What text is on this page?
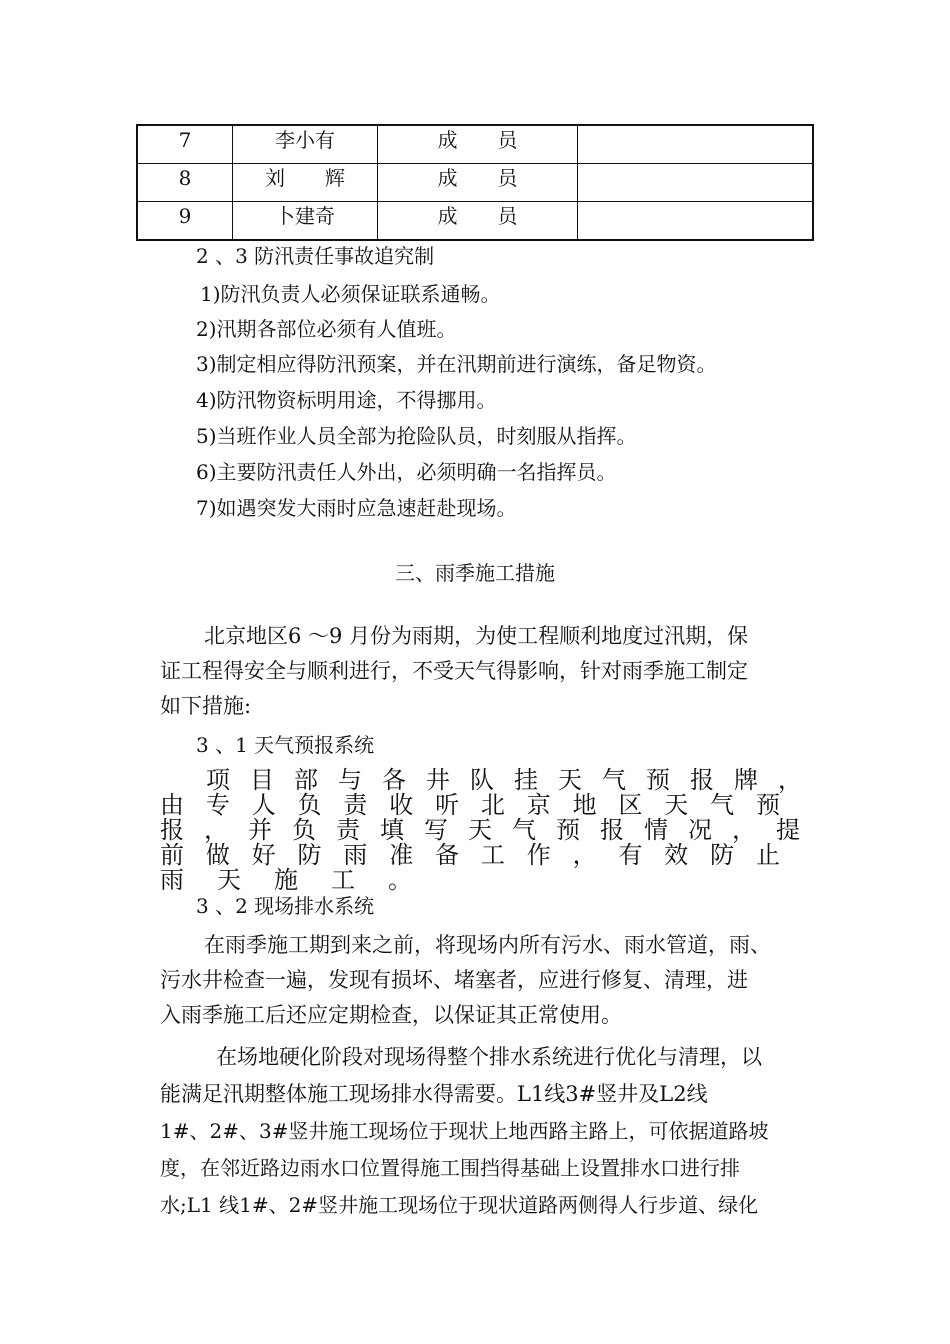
7	李小有	成　　员	
8	刘　　辉	成　　员	
9	卜建奇	成　　员	
2 、3 防汛责任事故追究制
1)防汛负责人必须保证联系通畅。
2)汛期各部位必须有人值班。
3)制定相应得防汛预案，并在汛期前进行演练，备足物资。
4)防汛物资标明用途，不得挪用。
5)当班作业人员全部为抢险队员，时刻服从指挥。
6)主要防汛责任人外出，必须明确一名指挥员。
7)如遇突发大雨时应急速赶赴现场。
三、雨季施工措施
北京地区6 ～9 月份为雨期，为使工程顺利地度过汛期，保
证工程得安全与顺利进行，不受天气得影响，针对雨季施工制定
如下措施:
3 、1 天气预报系统
项目部与各井队挂天气预报牌，
由专人负责收听北京地区天气预
报，并负责填写天气预报情况，提
前做好防雨准备工作，有效防止
雨天施工。
3 、2 现场排水系统
在雨季施工期到来之前，将现场内所有污水、雨水管道，雨、
污水井检查一遍，发现有损坏、堵塞者，应进行修复、清理，进
入雨季施工后还应定期检查，以保证其正常使用。
在场地硬化阶段对现场得整个排水系统进行优化与清理，以
能满足汛期整体施工现场排水得需要。L1线3#竖井及L2线
1#、2#、3#竖井施工现场位于现状上地西路主路上，可依据道路坡
度，在邻近路边雨水口位置得施工围挡得基础上设置排水口进行排
水;L1 线1#、2#竖井施工现场位于现状道路两侧得人行步道、绿化
